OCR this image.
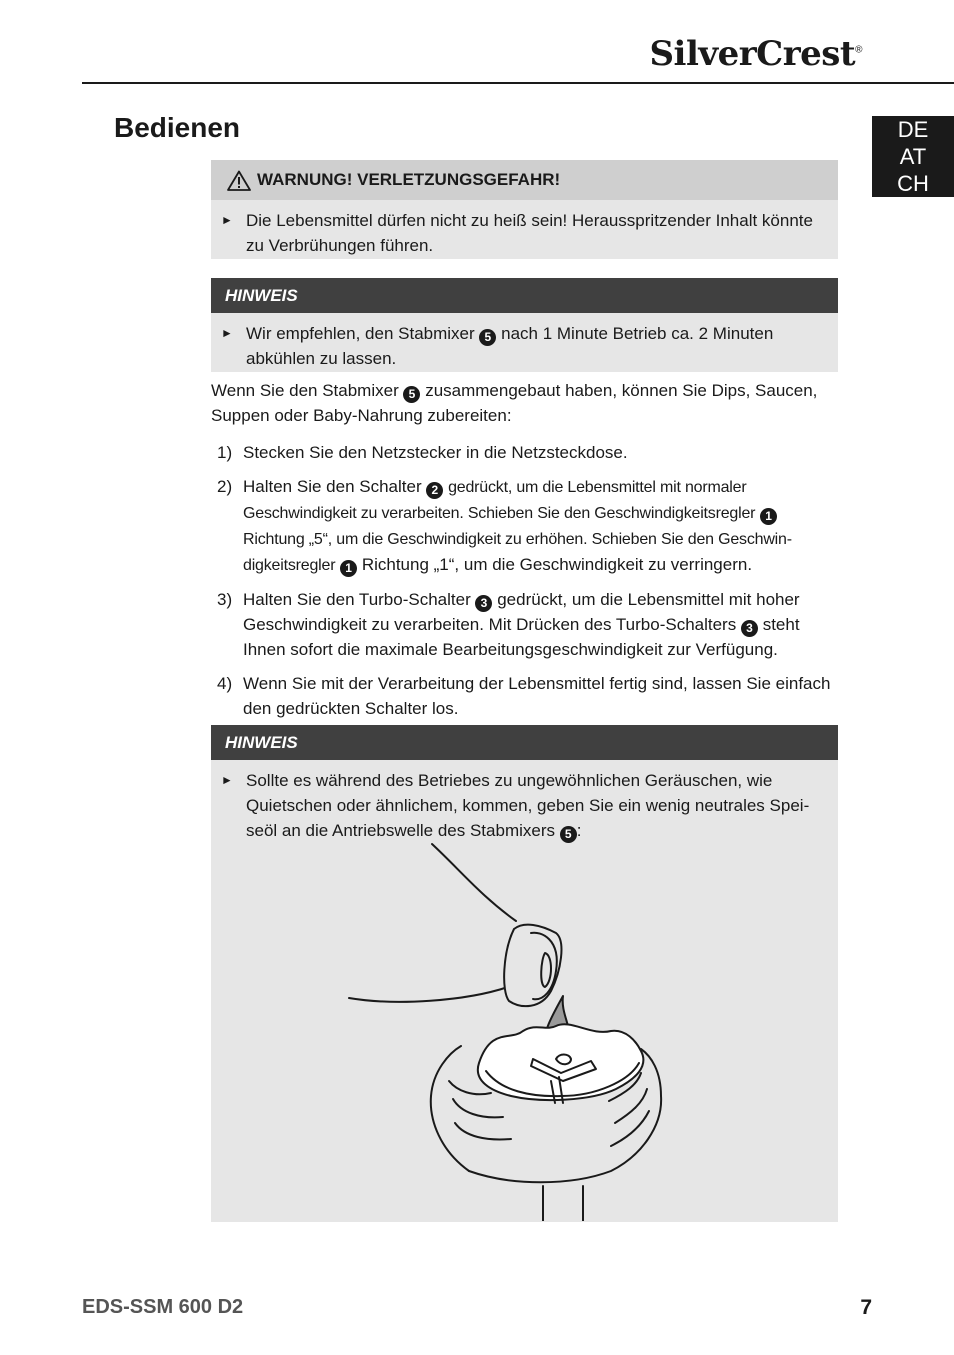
SilverCrest®
Bedienen	DE
AT
CH
WARNUNG! VERLETZUNGSGEFAHR!
► Die Lebensmittel dürfen nicht zu heiß sein! Herausspritzender Inhalt könnte zu Verbrühungen führen.
HINWEIS
► Wir empfehlen, den Stabmixer 5 nach 1 Minute Betrieb ca. 2 Minuten abkühlen zu lassen.

Wenn Sie den Stabmixer 5 zusammengebaut haben, können Sie Dips, Saucen, Suppen oder Baby-Nahrung zubereiten:

1) Stecken Sie den Netzstecker in die Netzsteckdose.
2) Halten Sie den Schalter 2 gedrückt, um die Lebensmittel mit normaler Geschwindigkeit zu verarbeiten. Schieben Sie den Geschwindigkeitsregler 1 Richtung „5“, um die Geschwindigkeit zu erhöhen. Schieben Sie den Geschwindigkeitsregler 1 Richtung „1“, um die Geschwindigkeit zu verringern.
3) Halten Sie den Turbo-Schalter 3 gedrückt, um die Lebensmittel mit hoher Geschwindigkeit zu verarbeiten. Mit Drücken des Turbo-Schalters 3 steht Ihnen sofort die maximale Bearbeitungsgeschwindigkeit zur Verfügung.
4) Wenn Sie mit der Verarbeitung der Lebensmittel fertig sind, lassen Sie einfach den gedrückten Schalter los.
HINWEIS
► Sollte es während des Betriebes zu ungewöhnlichen Geräuschen, wie Quietschen oder ähnlichem, kommen, geben Sie ein wenig neutrales Speiseöl an die Antriebswelle des Stabmixers 5 :
EDS-SSM 600 D2	7
